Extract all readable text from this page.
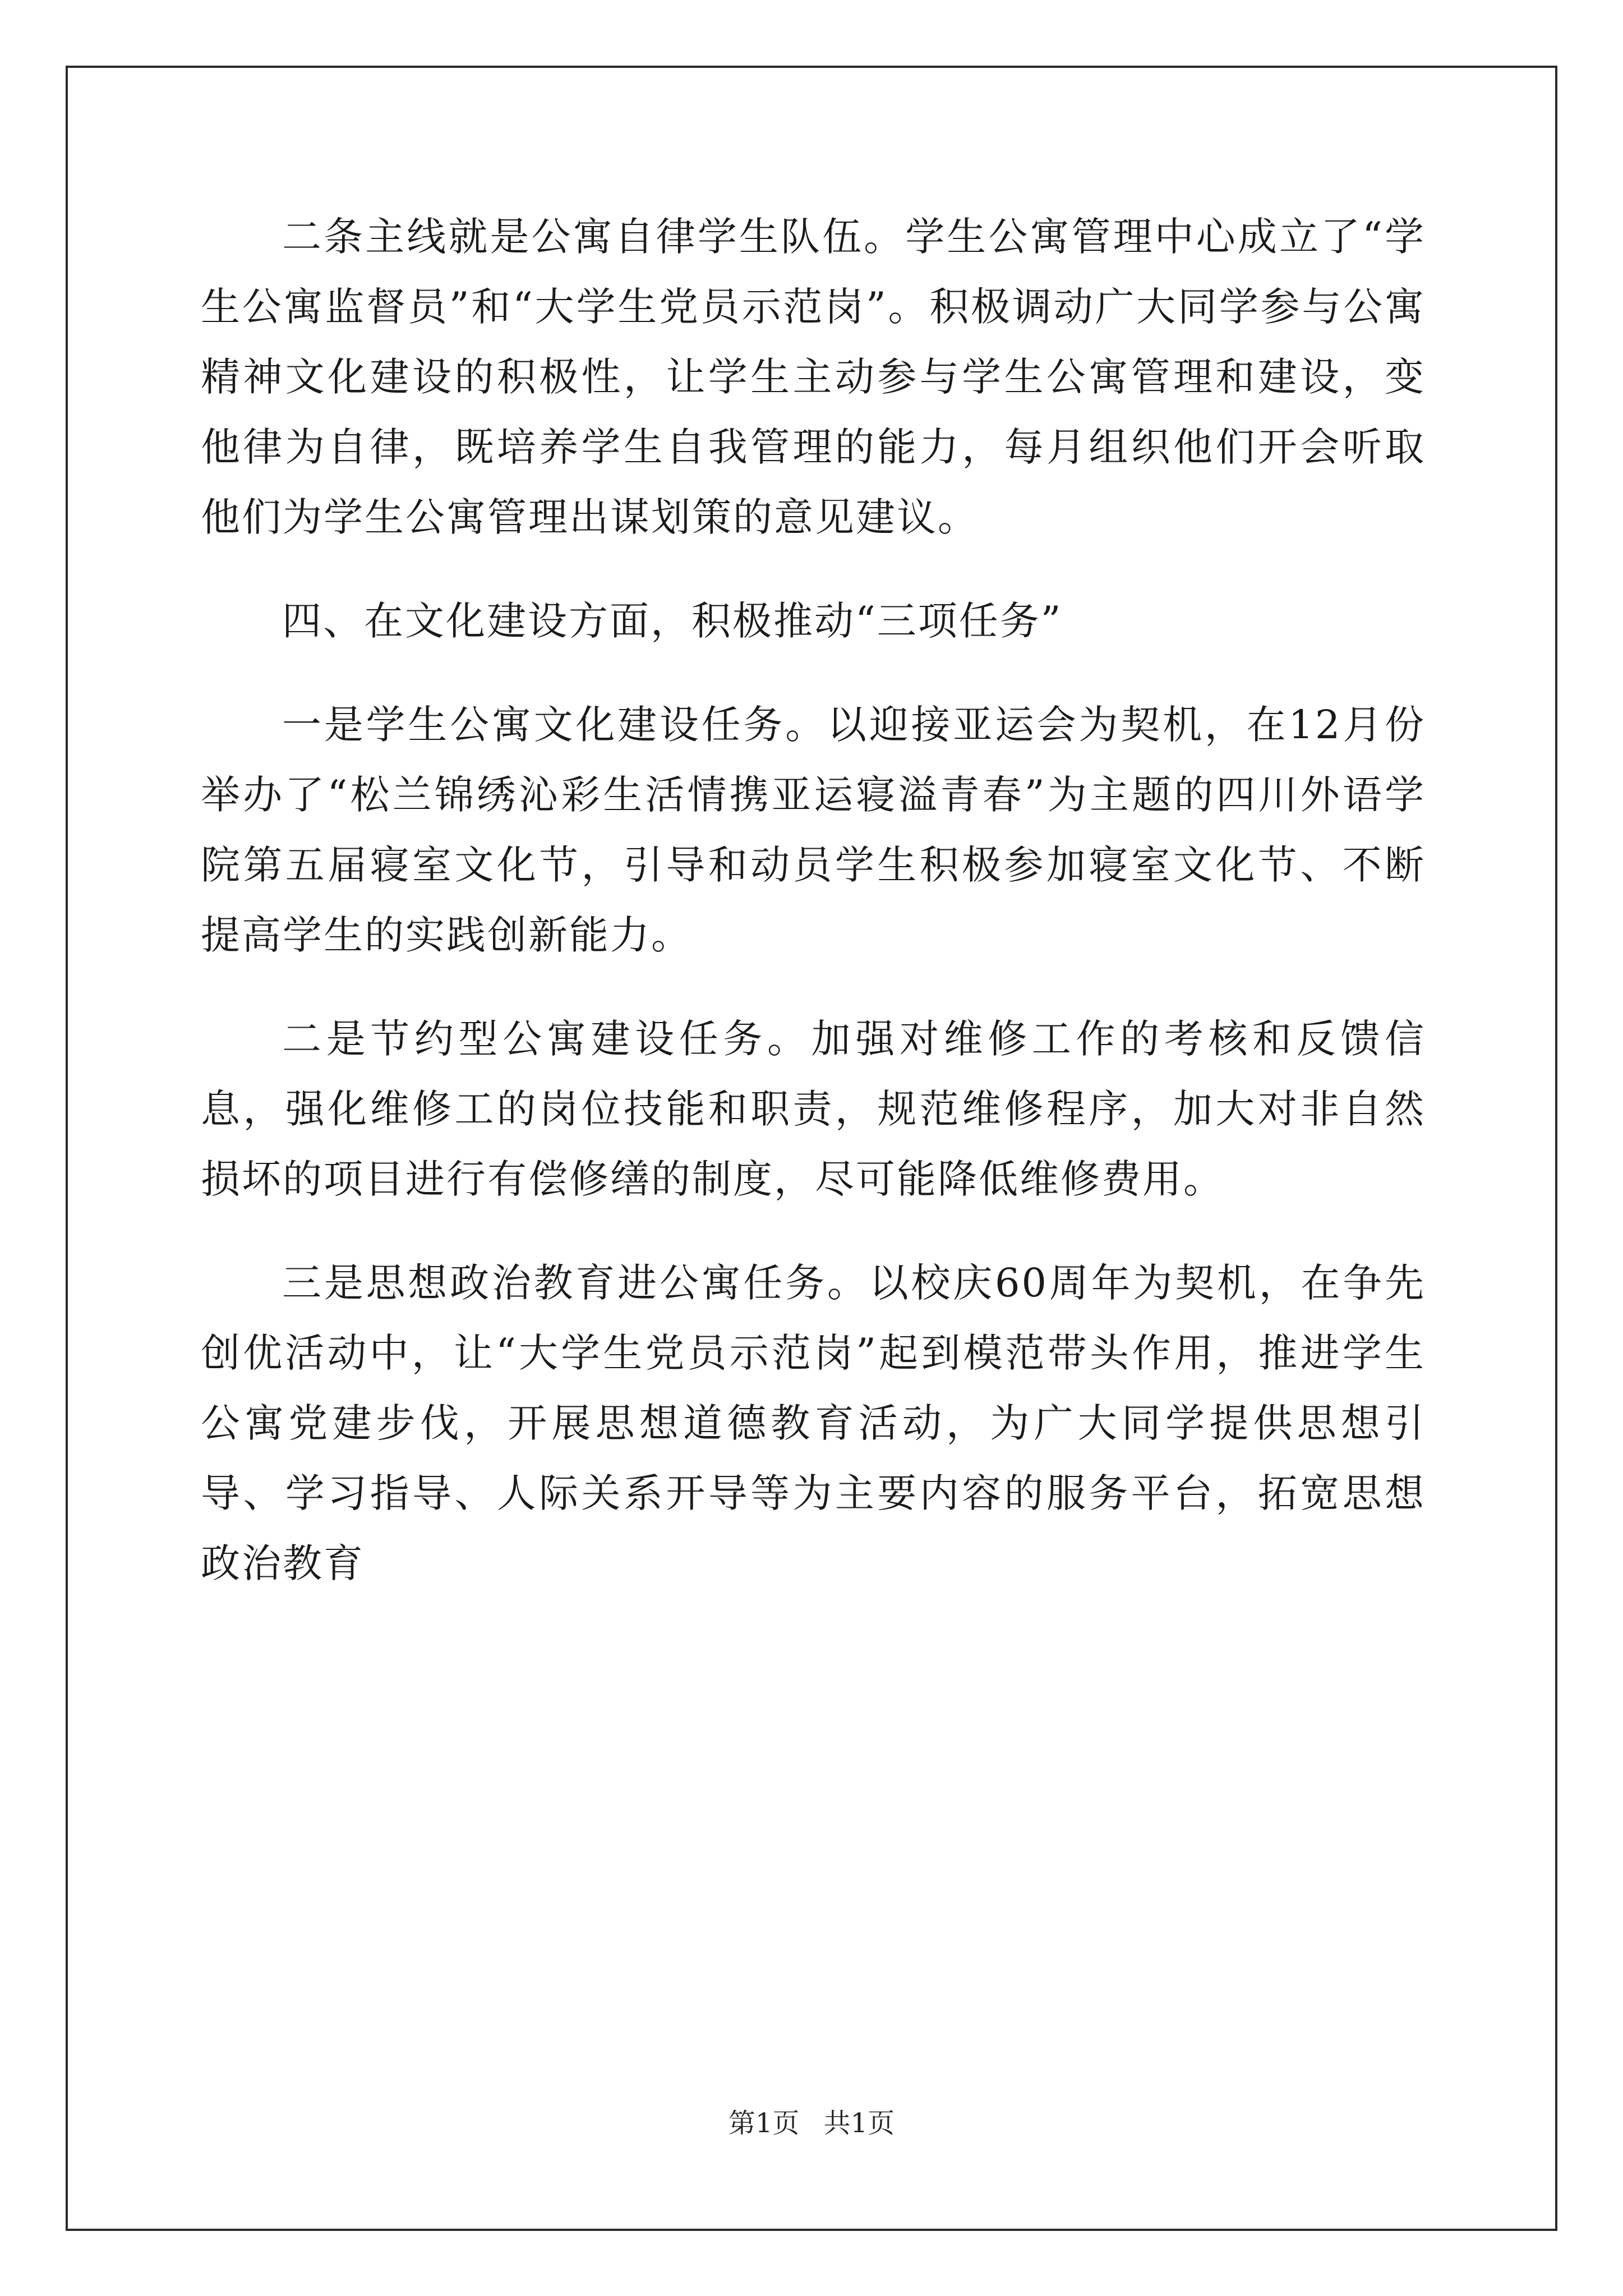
二条主线就是公寓自律学生队伍。学生公寓管理中心成立了“学生公寓监督员”和“大学生党员示范岗”。积极调动广大同学参与公寓精神文化建设的积极性，让学生主动参与学生公寓管理和建设，变他律为自律，既培养学生自我管理的能力，每月组织他们开会听取他们为学生公寓管理出谋划策的意见建议。

四、在文化建设方面，积极推动“三项任务”

一是学生公寓文化建设任务。以迎接亚运会为契机，在12月份举办了“松兰锦绣沁彩生活情携亚运寝溢青春”为主题的四川外语学院第五届寝室文化节，引导和动员学生积极参加寝室文化节、不断提高学生的实践创新能力。

二是节约型公寓建设任务。加强对维修工作的考核和反馈信息，强化维修工的岗位技能和职责，规范维修程序，加大对非自然损坏的项目进行有偿修缮的制度，尽可能降低维修费用。

三是思想政治教育进公寓任务。以校庆60周年为契机，在争先创优活动中，让“大学生党员示范岗”起到模范带头作用，推进学生公寓党建步伐，开展思想道德教育活动，为广大同学提供思想引导、学习指导、人际关系开导等为主要内容的服务平台，拓宽思想政治教育

第1页 共1页
